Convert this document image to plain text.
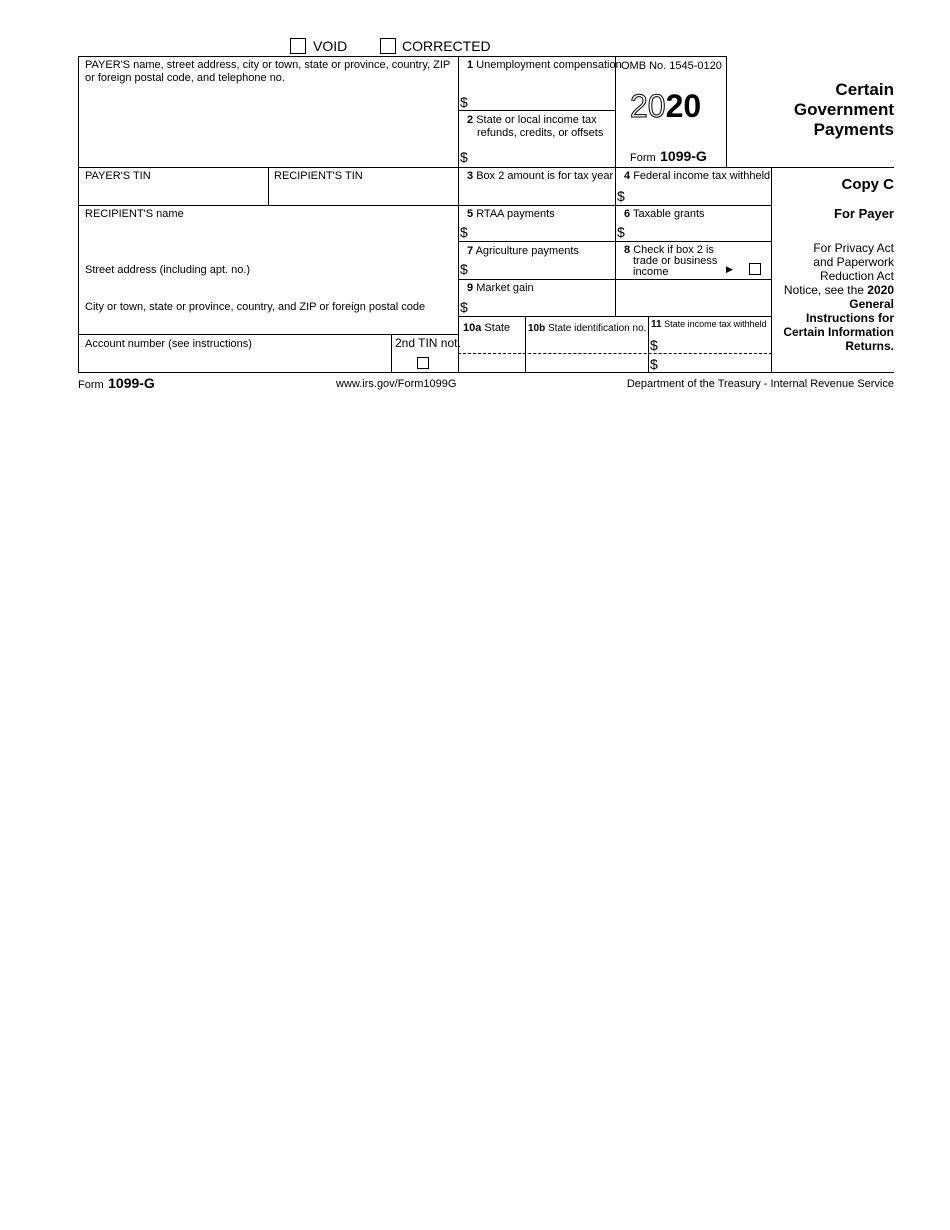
VOID	CORRECTED
PAYER'S name, street address, city or town, state or province, country, ZIP
or foreign postal code, and telephone no.
1 Unemployment compensation
$
2 State or local income tax
refunds, credits, or offsets
$
OMB No. 1545-0120
2020
Form 1099-G
Certain
Government
Payments
PAYER'S TIN	RECIPIENT'S TIN	3 Box 2 amount is for tax year 4 Federal income tax withheld
$
Copy C
RECIPIENT'S name	5 RTAA payments
$
6 Taxable grants
$
For Payer
Street address (including apt. no.)
7 Agriculture payments
$
8 Check if box 2 is
trade or business
income	▶
For Privacy Act
and Paperwork
Reduction Act
Notice, see the 2020
General
Instructions for
Certain Information
Returns.
City or town, state or province, country, and ZIP or foreign postal code
9 Market gain
$
10a State 10b State identification no. 11 State income tax withheld
$
$
Account number (see instructions)	2nd TIN not.
Form 1099-G	www.irs.gov/Form1099G	Department of the Treasury - Internal Revenue Service
